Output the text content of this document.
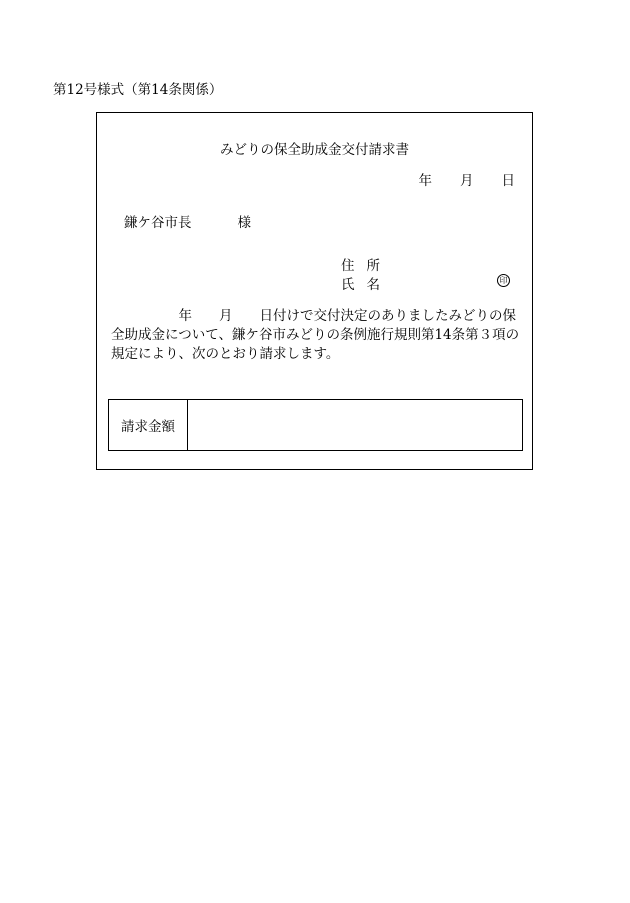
第12号様式（第14条関係）
みどりの保全助成金交付請求書
年 月 日
鎌ケ谷市長	様
住 所
氏 名	印
　　　　　年　　月　　日付けで交付決定のありましたみどりの保全助成金について、鎌ケ谷市みどりの条例施行規則第14条第３項の規定により、次のとおり請求します。
請求金額
